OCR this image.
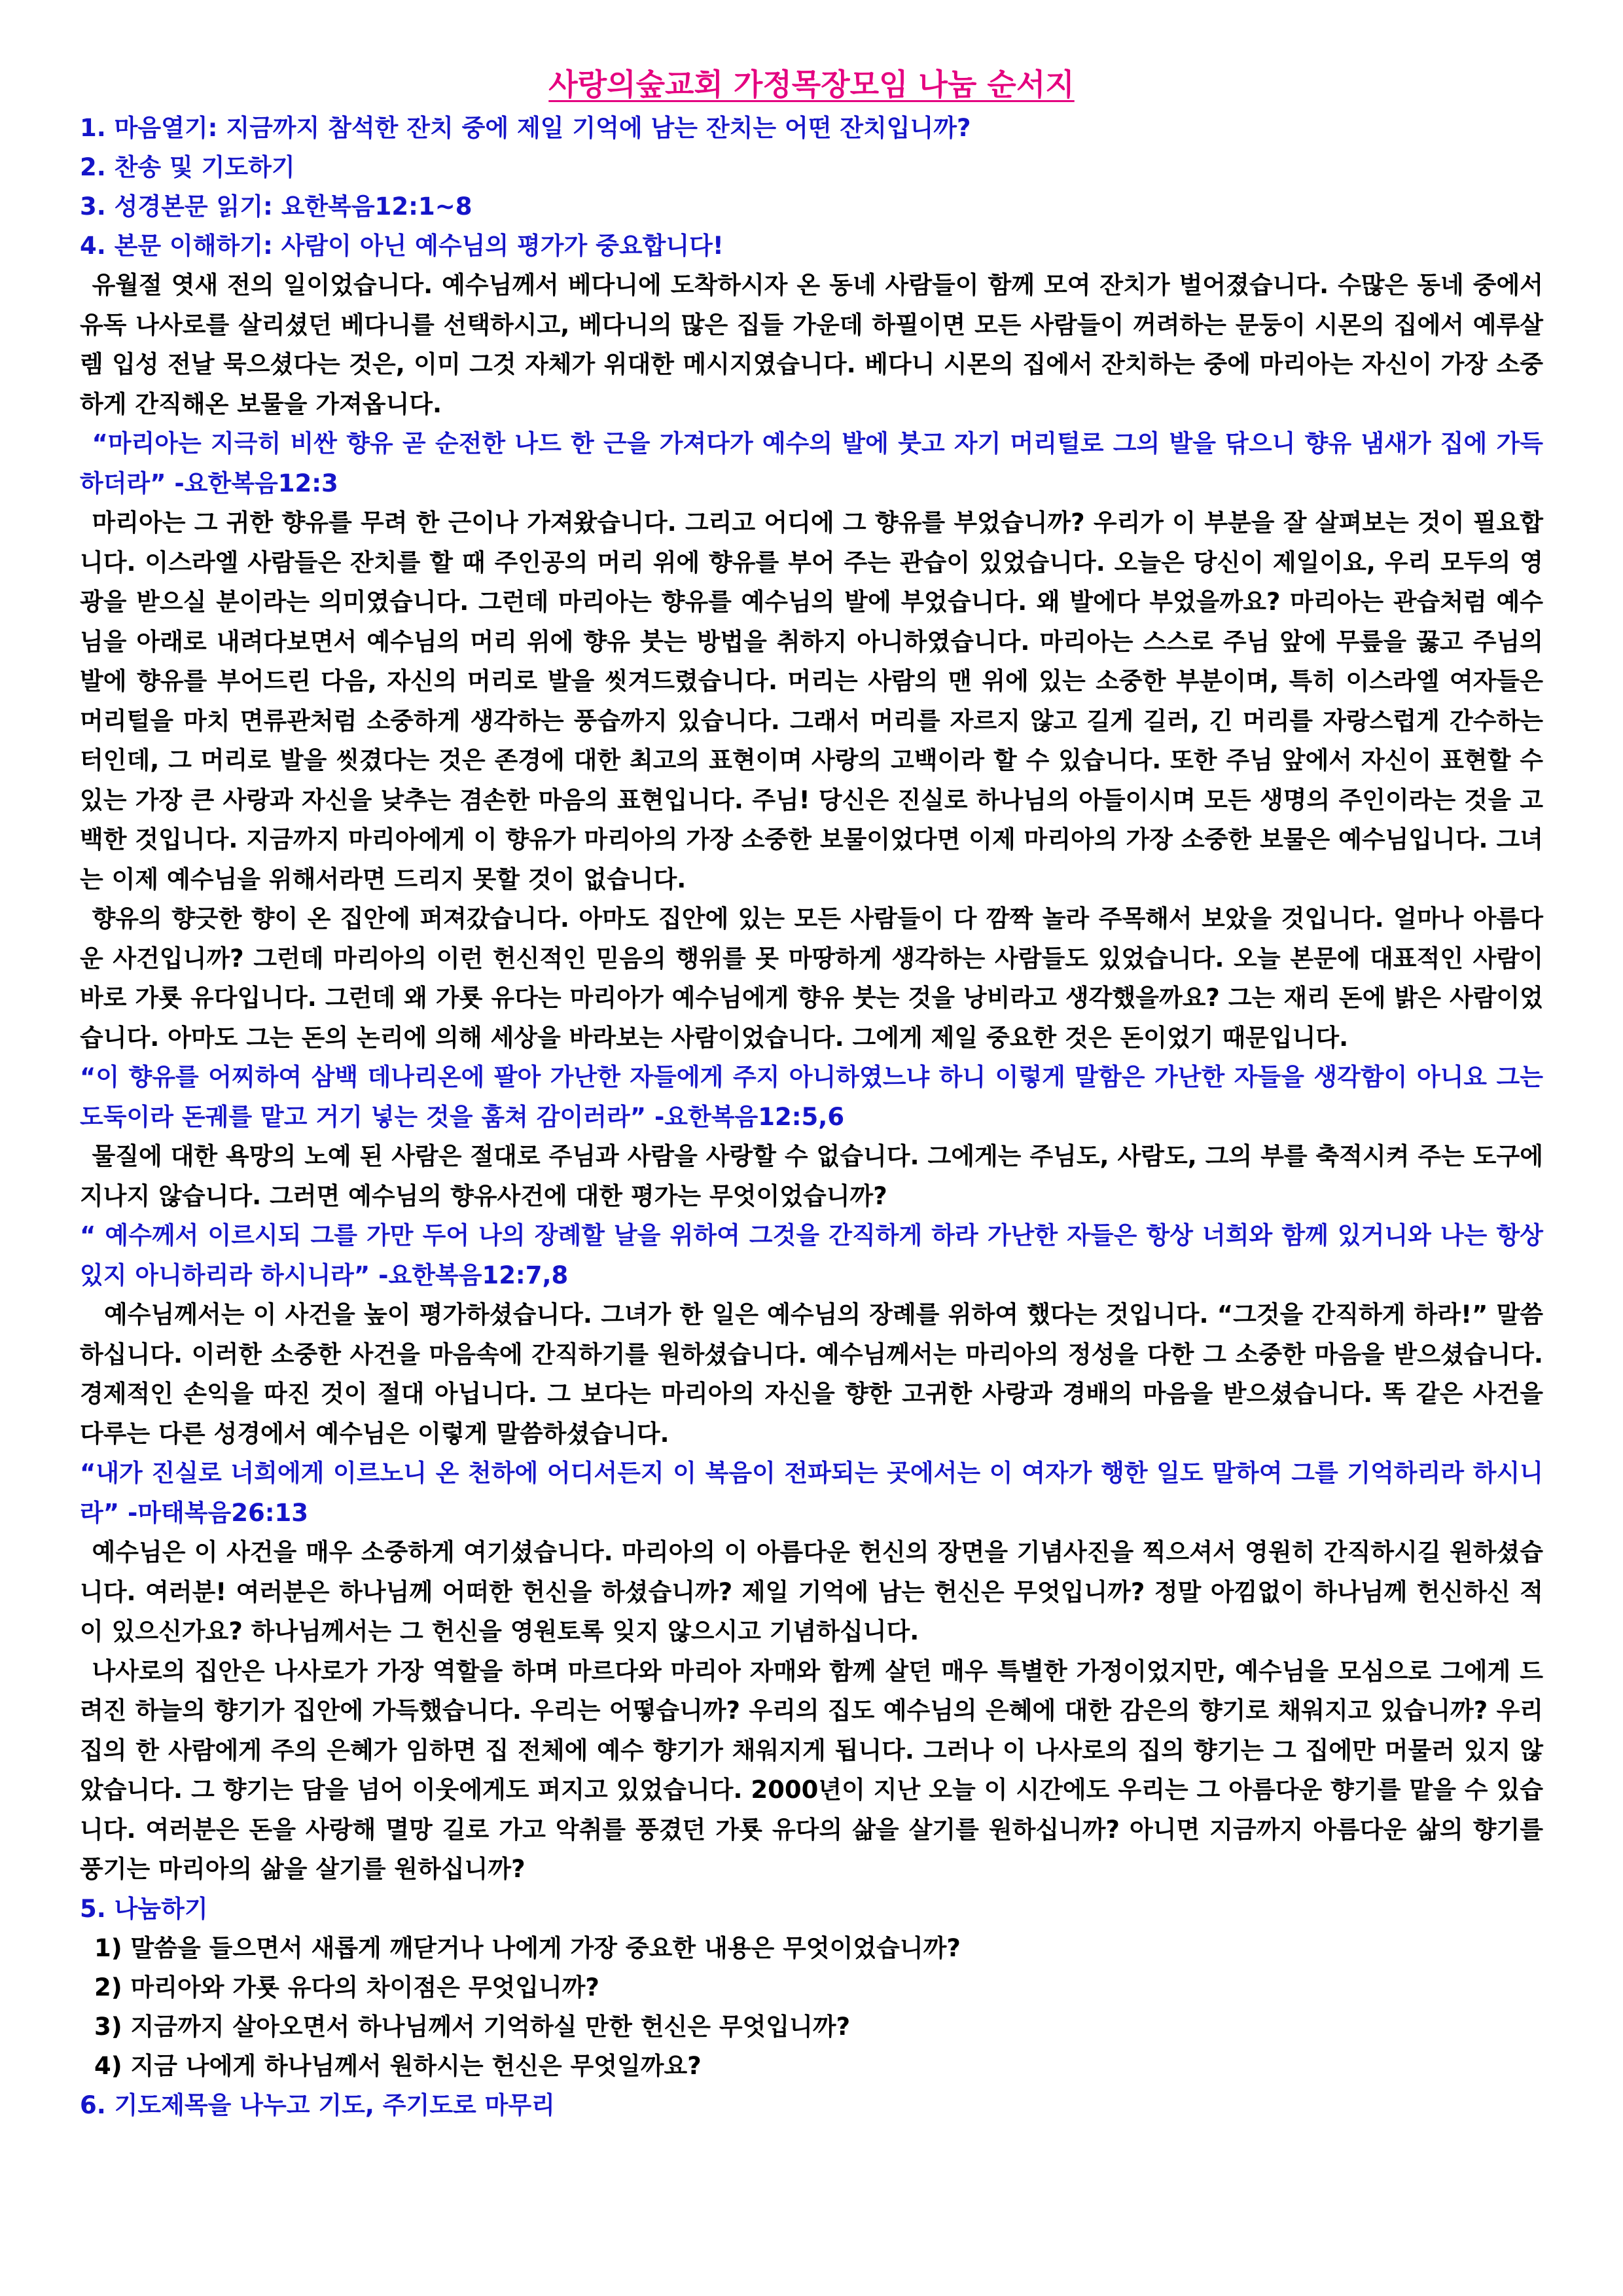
사랑의숲교회 가정목장모임 나눔 순서지

1. 마음열기: 지금까지 참석한 잔치 중에 제일 기억에 남는 잔치는 어떤 잔치입니까?

2. 찬송 및 기도하기

3. 성경본문 읽기: 요한복음12:1~8

4. 본문 이해하기: 사람이 아닌 예수님의 평가가 중요합니다!

유월절 엿새 전의 일이었습니다. 예수님께서 베다니에 도착하시자 온 동네 사람들이 함께 모여 잔치가 벌어졌습니다. 수많은 동네 중에서 유독 나사로를 살리셨던 베다니를 선택하시고, 베다니의 많은 집들 가운데 하필이면 모든 사람들이 꺼려하는 문둥이 시몬의 집에서 예루살렘 입성 전날 묵으셨다는 것은, 이미 그것 자체가 위대한 메시지였습니다. 베다니 시몬의 집에서 잔치하는 중에 마리아는 자신이 가장 소중하게 간직해온 보물을 가져옵니다.

“마리아는 지극히 비싼 향유 곧 순전한 나드 한 근을 가져다가 예수의 발에 붓고 자기 머리털로 그의 발을 닦으니 향유 냄새가 집에 가득하더라” -요한복음12:3

마리아는 그 귀한 향유를 무려 한 근이나 가져왔습니다. 그리고 어디에 그 향유를 부었습니까? 우리가 이 부분을 잘 살펴보는 것이 필요합니다. 이스라엘 사람들은 잔치를 할 때 주인공의 머리 위에 향유를 부어 주는 관습이 있었습니다. 오늘은 당신이 제일이요, 우리 모두의 영광을 받으실 분이라는 의미였습니다. 그런데 마리아는 향유를 예수님의 발에 부었습니다. 왜 발에다 부었을까요? 마리아는 관습처럼 예수님을 아래로 내려다보면서 예수님의 머리 위에 향유 붓는 방법을 취하지 아니하였습니다. 마리아는 스스로 주님 앞에 무릎을 꿇고 주님의 발에 향유를 부어드린 다음, 자신의 머리로 발을 씻겨드렸습니다. 머리는 사람의 맨 위에 있는 소중한 부분이며, 특히 이스라엘 여자들은 머리털을 마치 면류관처럼 소중하게 생각하는 풍습까지 있습니다. 그래서 머리를 자르지 않고 길게 길러, 긴 머리를 자랑스럽게 간수하는 터인데, 그 머리로 발을 씻겼다는 것은 존경에 대한 최고의 표현이며 사랑의 고백이라 할 수 있습니다. 또한 주님 앞에서 자신이 표현할 수 있는 가장 큰 사랑과 자신을 낮추는 겸손한 마음의 표현입니다. 주님! 당신은 진실로 하나님의 아들이시며 모든 생명의 주인이라는 것을 고백한 것입니다. 지금까지 마리아에게 이 향유가 마리아의 가장 소중한 보물이었다면 이제 마리아의 가장 소중한 보물은 예수님입니다. 그녀는 이제 예수님을 위해서라면 드리지 못할 것이 없습니다.

향유의 향긋한 향이 온 집안에 퍼져갔습니다. 아마도 집안에 있는 모든 사람들이 다 깜짝 놀라 주목해서 보았을 것입니다. 얼마나 아름다운 사건입니까? 그런데 마리아의 이런 헌신적인 믿음의 행위를 못 마땅하게 생각하는 사람들도 있었습니다. 오늘 본문에 대표적인 사람이 바로 가룟 유다입니다. 그런데 왜 가룟 유다는 마리아가 예수님에게 향유 붓는 것을 낭비라고 생각했을까요? 그는 재리 돈에 밝은 사람이었습니다. 아마도 그는 돈의 논리에 의해 세상을 바라보는 사람이었습니다. 그에게 제일 중요한 것은 돈이었기 때문입니다.

“이 향유를 어찌하여 삼백 데나리온에 팔아 가난한 자들에게 주지 아니하였느냐 하니 이렇게 말함은 가난한 자들을 생각함이 아니요 그는 도둑이라 돈궤를 맡고 거기 넣는 것을 훔쳐 감이러라” -요한복음12:5,6

물질에 대한 욕망의 노예 된 사람은 절대로 주님과 사람을 사랑할 수 없습니다. 그에게는 주님도, 사람도, 그의 부를 축적시켜 주는 도구에 지나지 않습니다. 그러면 예수님의 향유사건에 대한 평가는 무엇이었습니까?

“ 예수께서 이르시되 그를 가만 두어 나의 장례할 날을 위하여 그것을 간직하게 하라 가난한 자들은 항상 너희와 함께 있거니와 나는 항상 있지 아니하리라 하시니라” -요한복음12:7,8

예수님께서는 이 사건을 높이 평가하셨습니다. 그녀가 한 일은 예수님의 장례를 위하여 했다는 것입니다. “그것을 간직하게 하라!” 말씀하십니다. 이러한 소중한 사건을 마음속에 간직하기를 원하셨습니다. 예수님께서는 마리아의 정성을 다한 그 소중한 마음을 받으셨습니다. 경제적인 손익을 따진 것이 절대 아닙니다. 그 보다는 마리아의 자신을 향한 고귀한 사랑과 경배의 마음을 받으셨습니다. 똑 같은 사건을 다루는 다른 성경에서 예수님은 이렇게 말씀하셨습니다.

“내가 진실로 너희에게 이르노니 온 천하에 어디서든지 이 복음이 전파되는 곳에서는 이 여자가 행한 일도 말하여 그를 기억하리라 하시니라” -마태복음26:13

예수님은 이 사건을 매우 소중하게 여기셨습니다. 마리아의 이 아름다운 헌신의 장면을 기념사진을 찍으셔서 영원히 간직하시길 원하셨습니다. 여러분! 여러분은 하나님께 어떠한 헌신을 하셨습니까? 제일 기억에 남는 헌신은 무엇입니까? 정말 아낌없이 하나님께 헌신하신 적이 있으신가요? 하나님께서는 그 헌신을 영원토록 잊지 않으시고 기념하십니다.

나사로의 집안은 나사로가 가장 역할을 하며 마르다와 마리아 자매와 함께 살던 매우 특별한 가정이었지만, 예수님을 모심으로 그에게 드려진 하늘의 향기가 집안에 가득했습니다. 우리는 어떻습니까? 우리의 집도 예수님의 은혜에 대한 감은의 향기로 채워지고 있습니까? 우리 집의 한 사람에게 주의 은혜가 임하면 집 전체에 예수 향기가 채워지게 됩니다. 그러나 이 나사로의 집의 향기는 그 집에만 머물러 있지 않았습니다. 그 향기는 담을 넘어 이웃에게도 퍼지고 있었습니다. 2000년이 지난 오늘 이 시간에도 우리는 그 아름다운 향기를 맡을 수 있습니다. 여러분은 돈을 사랑해 멸망 길로 가고 악취를 풍겼던 가룟 유다의 삶을 살기를 원하십니까? 아니면 지금까지 아름다운 삶의 향기를 풍기는 마리아의 삶을 살기를 원하십니까?

5. 나눔하기

1) 말씀을 들으면서 새롭게 깨닫거나 나에게 가장 중요한 내용은 무엇이었습니까?
2) 마리아와 가룟 유다의 차이점은 무엇입니까?
3) 지금까지 살아오면서 하나님께서 기억하실 만한 헌신은 무엇입니까?
4) 지금 나에게 하나님께서 원하시는 헌신은 무엇일까요?

6. 기도제목을 나누고 기도, 주기도로 마무리
